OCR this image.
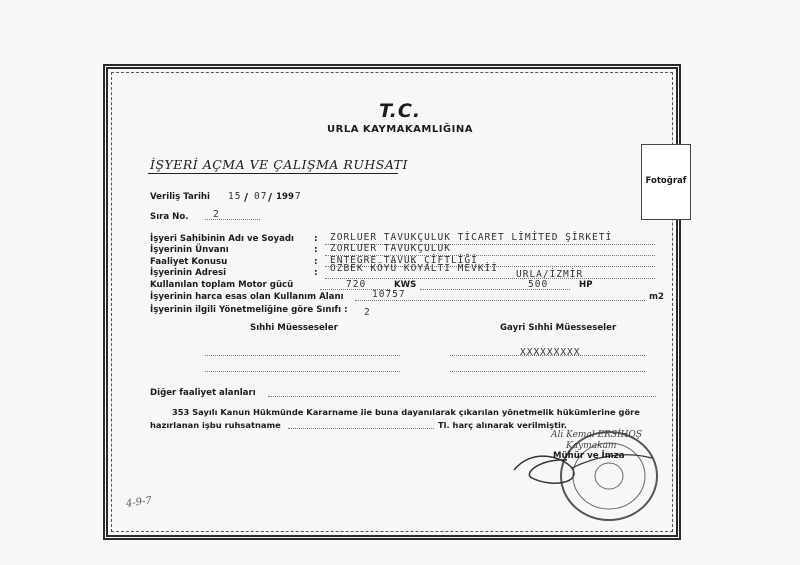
T.C.
URLA KAYMAKAMLIĞINA
İŞYERİ AÇMA VE ÇALIŞMA RUHSATI
Fotoğraf
Veriliş Tarihi 15 / 07 / 199 7
Sıra No.	2
İşyeri Sahibinin Adı ve Soyadı : ZORLUER TAVUKÇULUK TİCARET LİMİTED ŞİRKETİ
İşyerinin Ünvanı	: ZORLUER TAVUKÇULUK
Faaliyet Konusu	: ENTEGRE TAVUK ÇİFTLİĞİ
İşyerinin Adresi	: ÖZBEK KÖYÜ KÖYALTI MEVKİİ
URLA/İZMİR
Kullanılan toplam Motor gücü	720	KWS	500	HP
İşyerinin harca esas olan Kullanım Alanı	10757	m2
İşyerinin ilgili Yönetmeliğine göre Sınıfı : 2
Sıhhi Müesseseler	Gayri Sıhhi Müesseseler
XXXXXXXXX
Diğer faaliyet alanları
353 Sayılı Kanun Hükmünde Kararname iie buna dayanılarak çıkarılan yönetmelik hükümlerine göre
hazırlanan işbu ruhsatname	Tl. harç alınarak verilmiştir.
Ali Kemal ERSİHOŞ
Kaymakam
Mühür ve İmza
4-9-7
